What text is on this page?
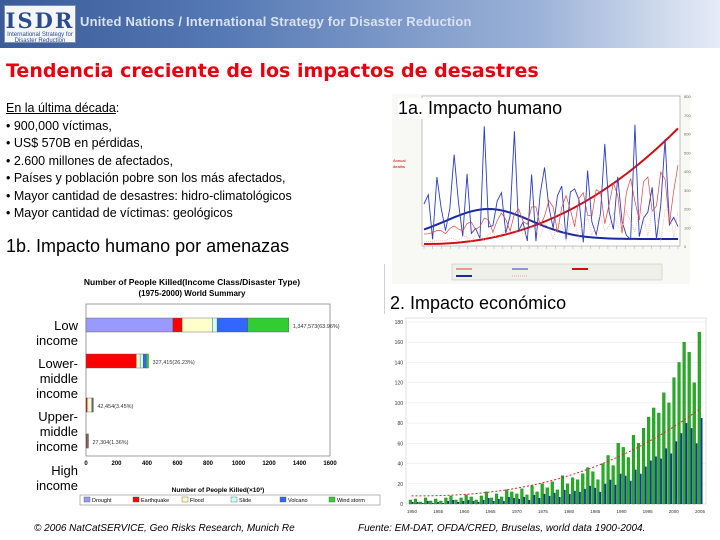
ISDR
International Strategy for Disaster Reduction
United Nations / International Strategy for Disaster Reduction
Tendencia creciente de los impactos de desastres
En la última década:
• 900,000 víctimas,
• US$ 570B en pérdidas,
• 2.600 millones de afectados,
• Países y población pobre son los más afectados,
• Mayor cantidad de desastres: hidro-climatológicos
• Mayor cantidad de víctimas: geológicos
Annual
deaths
0
100
200
300
400
500
600
700
800
1a. Impacto humano
1b. Impacto humano por amenazas
Number of People Killed(Income Class/Disaster Type)
(1975-2000) World Summary
1,347,573(63.96%)
327,415(26.23%)
42,454(3.45%)
27,304(1.36%)
0	200	400	600	800	1000	1200	1400	1600
Number of People Killed(×10³)
Drought	Earthquake	Flood	Slide	Volcano	Wind storm
Low income
Lower-middle income
Upper-middle income
High income
2. Impacto económico
0
20
40
60
80
100
120
140
160
180
1950	1955	1960	1965	1970	1975	1980	1985	1990	1995	2000	2005
© 2006 NatCatSERVICE, Geo Risks Research, Munich Re	Fuente: EM-DAT, OFDA/CRED, Bruselas, world data 1900-2004.
